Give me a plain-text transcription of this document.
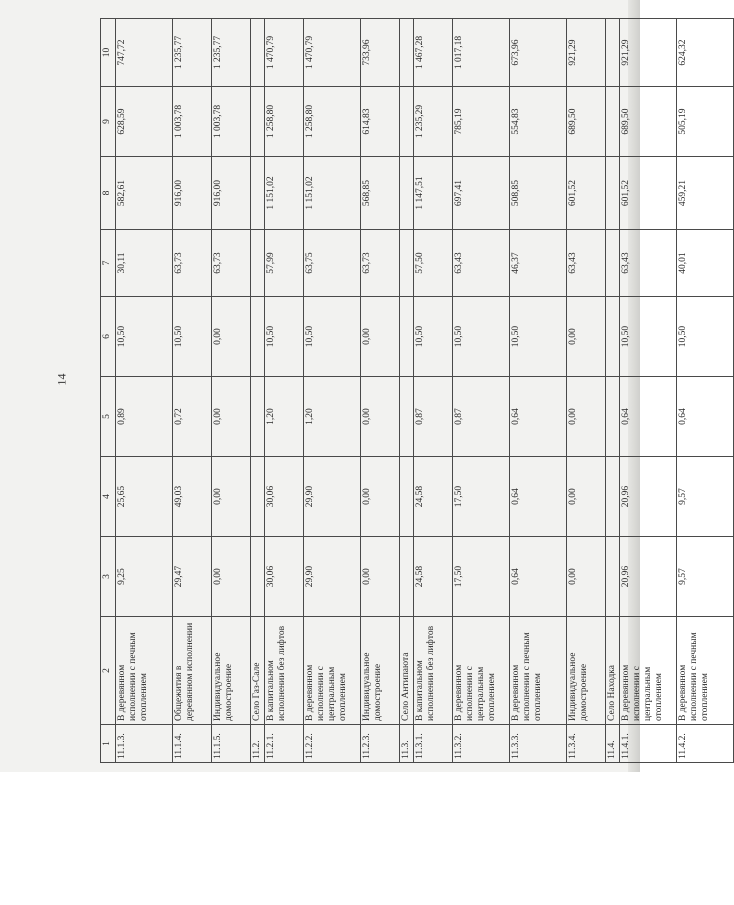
14
1	2	3	4	5	6	7	8	9	10
11.1.3.	В деревянном исполнении с печным отоплением	9,25	25,65	0,89	10,50	30,11	582,61	628,59	747,72
11.1.4.	Общежития в деревянном исполнении	29,47	49,03	0,72	10,50	63,73	916,00	1 003,78	1 235,77
11.1.5.	Индивидуальное домостроение	0,00	0,00	0,00	0,00	63,73	916,00	1 003,78	1 235,77
11.2.	Село Газ-Сале								
11.2.1.	В капитальном исполнении без лифтов	30,06	30,06	1,20	10,50	57,99	1 151,02	1 258,80	1 470,79
11.2.2.	В деревянном исполнении с центральным отоплением	29,90	29,90	1,20	10,50	63,75	1 151,02	1 258,80	1 470,79
11.2.3.	Индивидуальное домостроение	0,00	0,00	0,00	0,00	63,73	568,85	614,83	733,96
11.3.	Село Антипаюта								
11.3.1.	В капитальном исполнении без лифтов	24,58	24,58	0,87	10,50	57,50	1 147,51	1 235,29	1 467,28
11.3.2.	В деревянном исполнении с центральным отоплением	17,50	17,50	0,87	10,50	63,43	697,41	785,19	1 017,18
11.3.3.	В деревянном исполнении с печным отоплением	0,64	0,64	0,64	10,50	46,37	508,85	554,83	673,96
11.3.4.	Индивидуальное домостроение	0,00	0,00	0,00	0,00	63,43	601,52	689,50	921,29
11.4.	Село Находка								
11.4.1.	В деревянном исполнении с центральным отоплением	20,96	20,96	0,64	10,50	63,43	601,52	689,50	921,29
11.4.2.	В деревянном исполнении с печным отоплением	9,57	9,57	0,64	10,50	40,01	459,21	505,19	624,32
